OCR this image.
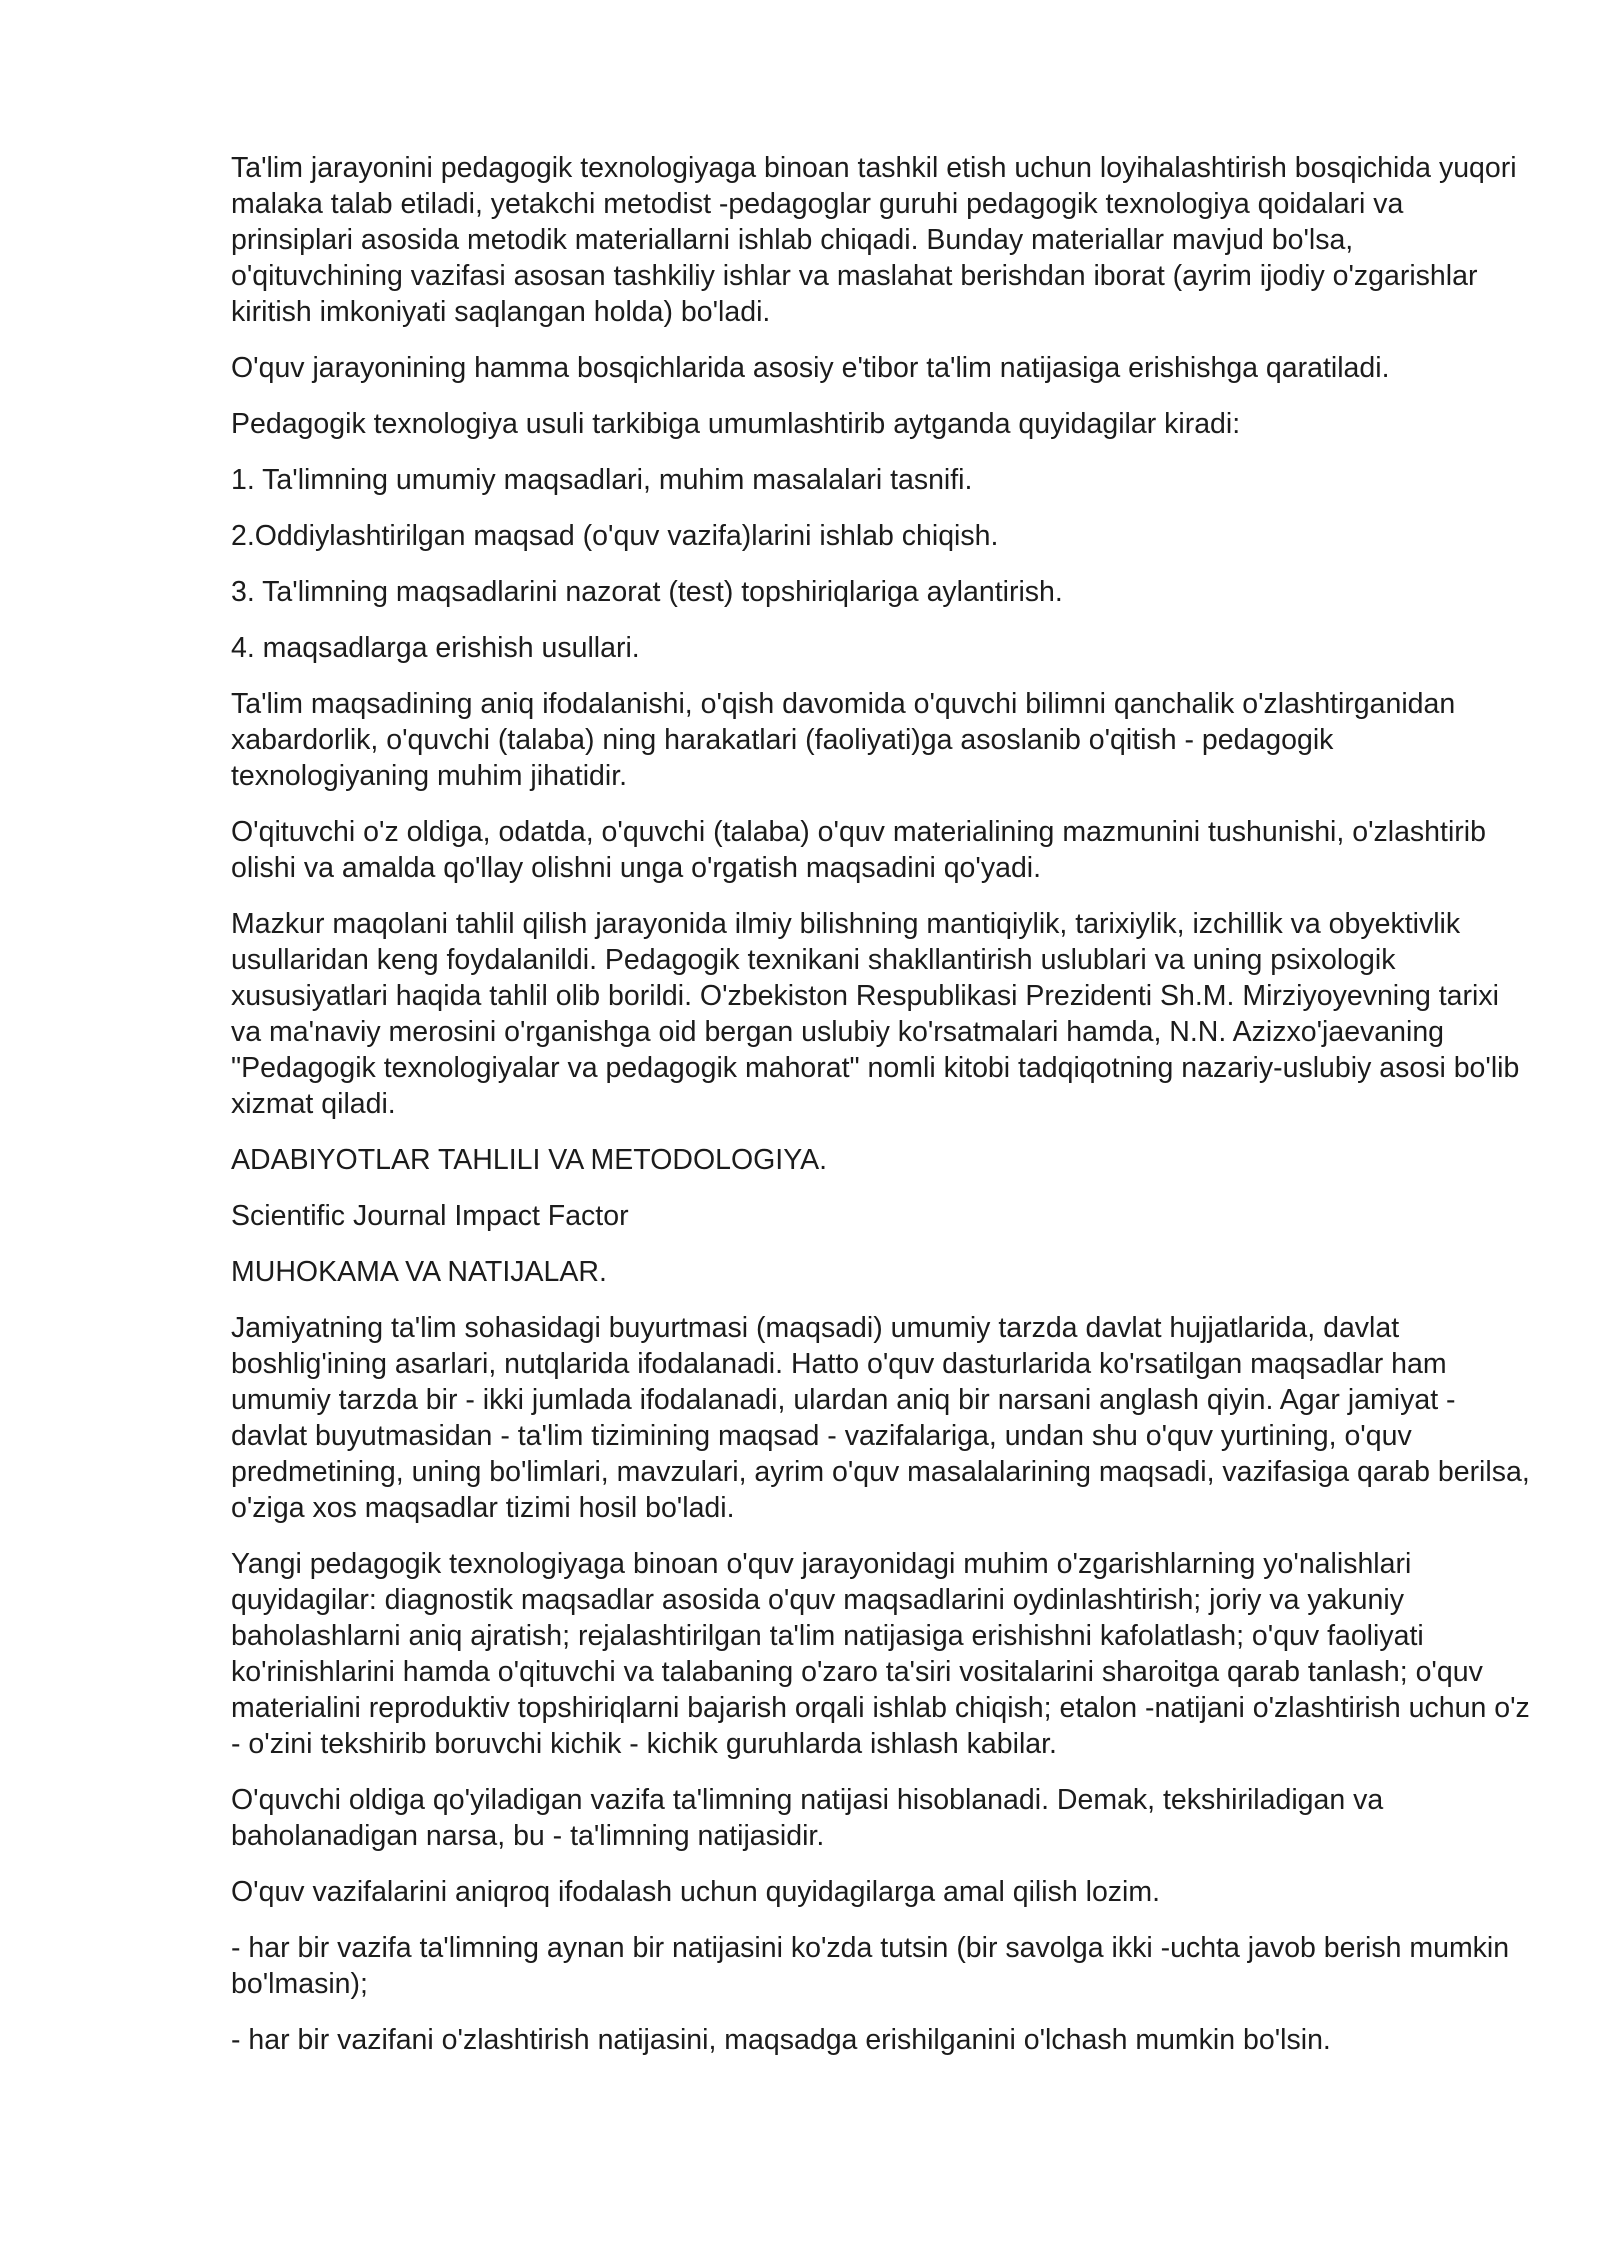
Ta'lim jarayonini pedagogik texnologiyaga binoan tashkil etish uchun loyihalashtirish bosqichida yuqori malaka talab etiladi, yetakchi metodist -pedagoglar guruhi pedagogik texnologiya qoidalari va prinsiplari asosida metodik materiallarni ishlab chiqadi. Bunday materiallar mavjud bo'lsa, o'qituvchining vazifasi asosan tashkiliy ishlar va maslahat berishdan iborat (ayrim ijodiy o'zgarishlar kiritish imkoniyati saqlangan holda) bo'ladi.

O'quv jarayonining hamma bosqichlarida asosiy e'tibor ta'lim natijasiga erishishga qaratiladi.

Pedagogik texnologiya usuli tarkibiga umumlashtirib aytganda quyidagilar kiradi:

1. Ta'limning umumiy maqsadlari, muhim masalalari tasnifi.

2.Oddiylashtirilgan maqsad (o'quv vazifa)larini ishlab chiqish.

3. Ta'limning maqsadlarini nazorat (test) topshiriqlariga aylantirish.

4. maqsadlarga erishish usullari.

Ta'lim maqsadining aniq ifodalanishi, o'qish davomida o'quvchi bilimni qanchalik o'zlashtirganidan xabardorlik, o'quvchi (talaba) ning harakatlari (faoliyati)ga asoslanib o'qitish - pedagogik texnologiyaning muhim jihatidir.

O'qituvchi o'z oldiga, odatda, o'quvchi (talaba) o'quv materialining mazmunini tushunishi, o'zlashtirib olishi va amalda qo'llay olishni unga o'rgatish maqsadini qo'yadi.

Mazkur maqolani tahlil qilish jarayonida ilmiy bilishning mantiqiylik, tarixiylik, izchillik va obyektivlik usullaridan keng foydalanildi. Pedagogik texnikani shakllantirish uslublari va uning psixologik xususiyatlari haqida tahlil olib borildi. O'zbekiston Respublikasi Prezidenti Sh.M. Mirziyoyevning tarixi va ma'naviy merosini o'rganishga oid bergan uslubiy ko'rsatmalari hamda, N.N. Azizxo'jaevaning "Pedagogik texnologiyalar va pedagogik mahorat" nomli kitobi tadqiqotning nazariy-uslubiy asosi bo'lib xizmat qiladi.

ADABIYOTLAR TAHLILI VA METODOLOGIYA.

Scientific Journal Impact Factor

MUHOKAMA VA NATIJALAR.

Jamiyatning ta'lim sohasidagi buyurtmasi (maqsadi) umumiy tarzda davlat hujjatlarida, davlat boshlig'ining asarlari, nutqlarida ifodalanadi. Hatto o'quv dasturlarida ko'rsatilgan maqsadlar ham umumiy tarzda bir - ikki jumlada ifodalanadi, ulardan aniq bir narsani anglash qiyin. Agar jamiyat - davlat buyutmasidan - ta'lim tizimining maqsad - vazifalariga, undan shu o'quv yurtining, o'quv predmetining, uning bo'limlari, mavzulari, ayrim o'quv masalalarining maqsadi, vazifasiga qarab berilsa, o'ziga xos maqsadlar tizimi hosil bo'ladi.

Yangi pedagogik texnologiyaga binoan o'quv jarayonidagi muhim o'zgarishlarning yo'nalishlari quyidagilar: diagnostik maqsadlar asosida o'quv maqsadlarini oydinlashtirish; joriy va yakuniy baholashlarni aniq ajratish; rejalashtirilgan ta'lim natijasiga erishishni kafolatlash; o'quv faoliyati ko'rinishlarini hamda o'qituvchi va talabaning o'zaro ta'siri vositalarini sharoitga qarab tanlash; o'quv materialini reproduktiv topshiriqlarni bajarish orqali ishlab chiqish; etalon -natijani o'zlashtirish uchun o'z - o'zini tekshirib boruvchi kichik - kichik guruhlarda ishlash kabilar.

O'quvchi oldiga qo'yiladigan vazifa ta'limning natijasi hisoblanadi. Demak, tekshiriladigan va baholanadigan narsa, bu - ta'limning natijasidir.

O'quv vazifalarini aniqroq ifodalash uchun quyidagilarga amal qilish lozim.

- har bir vazifa ta'limning aynan bir natijasini ko'zda tutsin (bir savolga ikki -uchta javob berish mumkin bo'lmasin);

- har bir vazifani o'zlashtirish natijasini, maqsadga erishilganini o'lchash mumkin bo'lsin.
